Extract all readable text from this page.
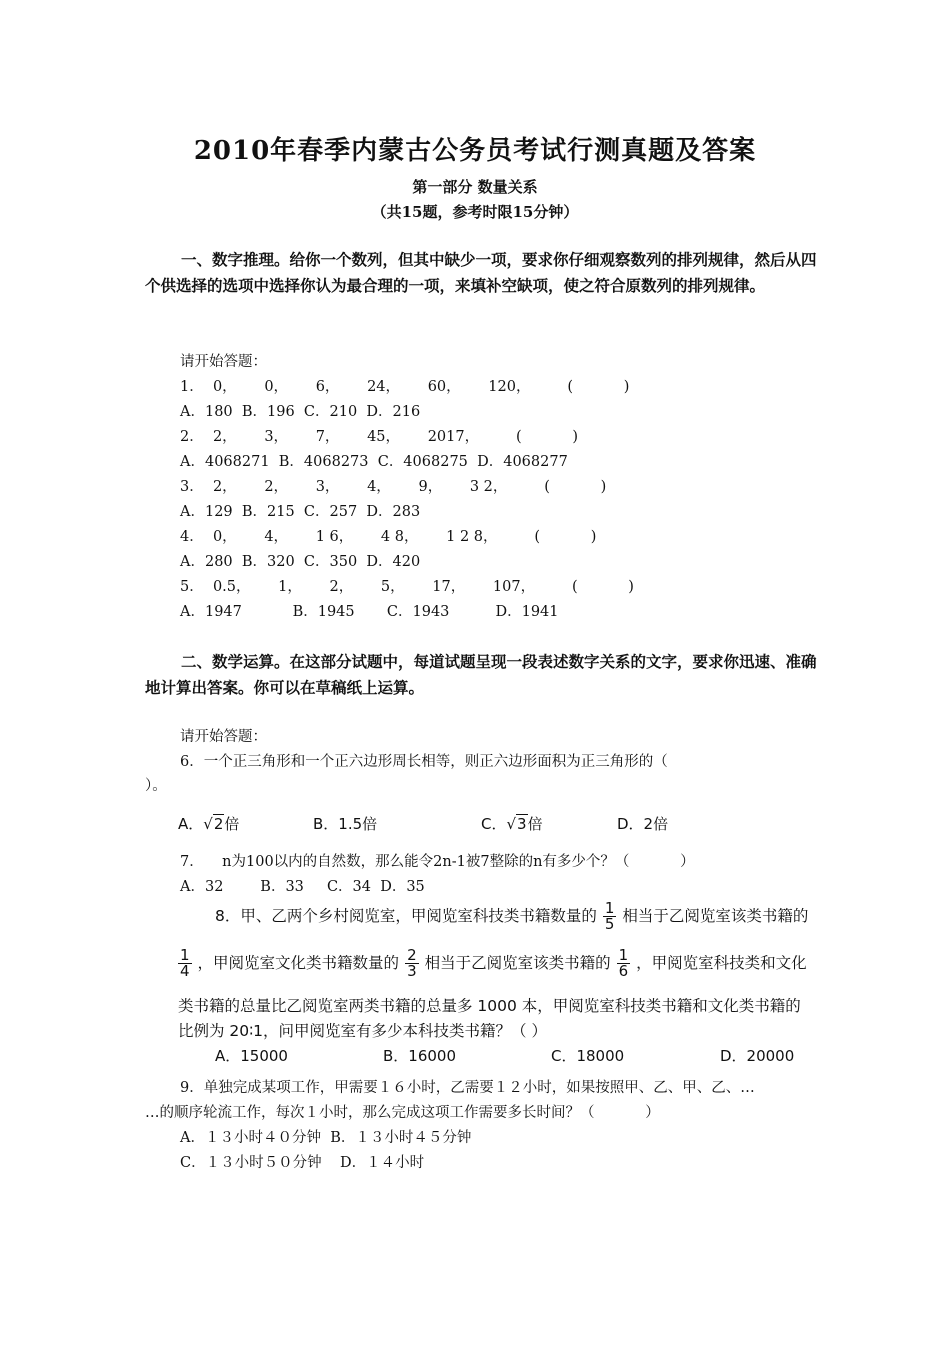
2010年春季内蒙古公务员考试行测真题及答案
第一部分 数量关系
（共15题，参考时限15分钟）
一、数字推理。给你一个数列，但其中缺少一项，要求你仔细观察数列的排列规律，然后从四个供选择的选项中选择你认为最合理的一项，来填补空缺项，使之符合原数列的排列规律。
请开始答题：
1．  0，      0，      6，      24，      60，      120，        (           )
A．180  B．196  C．210  D．216
2．  2，      3，      7，      45，      2017，        (           )
A．4068271  B．4068273  C．4068275  D．4068277
3．  2，      2，      3，      4，      9，      3 2，        (           )
A．129  B．215  C．257  D．283
4．  0，      4，      1 6，      4 8，      1 2 8，        (           )
A．280  B．320  C．350  D．420
5．  0.5，      1，      2，      5，      17，      107，        (           )
A．1947           B．1945       C．1943          D．1941
二、数学运算。在这部分试题中，每道试题呈现一段表述数字关系的文字，要求你迅速、准确地计算出答案。你可以在草稿纸上运算。
请开始答题：
6．一个正三角形和一个正六边形周长相等，则正六边形面积为正三角形的（
）。
A．√2倍	B．1.5倍	C．√3倍	D．2倍
7．    n为100以内的自然数，那么能令2n-1被7整除的n有多少个？（           ）
A．32        B．33     C．34  D．35
8．甲、乙两个乡村阅览室，甲阅览室科技类书籍数量的 $\frac{1}{5}$ 相当于乙阅览室该类书籍的
$\frac{1}{4}$ ，甲阅览室文化类书籍数量的 $\frac{2}{3}$ 相当于乙阅览室该类书籍的 $\frac{1}{6}$ ，甲阅览室科技类和文化
类书籍的总量比乙阅览室两类书籍的总量多 1000 本，甲阅览室科技类书籍和文化类书籍的
比例为 20∶1，问甲阅览室有多少本科技类书籍？（ ）
A．15000	B．16000	C．18000	D．20000
9．单独完成某项工作，甲需要１６小时，乙需要１２小时，如果按照甲、乙、甲、乙、…
…的顺序轮流工作，每次１小时，那么完成这项工作需要多长时间？（           ）
A．１３小时４０分钟  B．１３小时４５分钟
C．１３小时５０分钟    D．１４小时
